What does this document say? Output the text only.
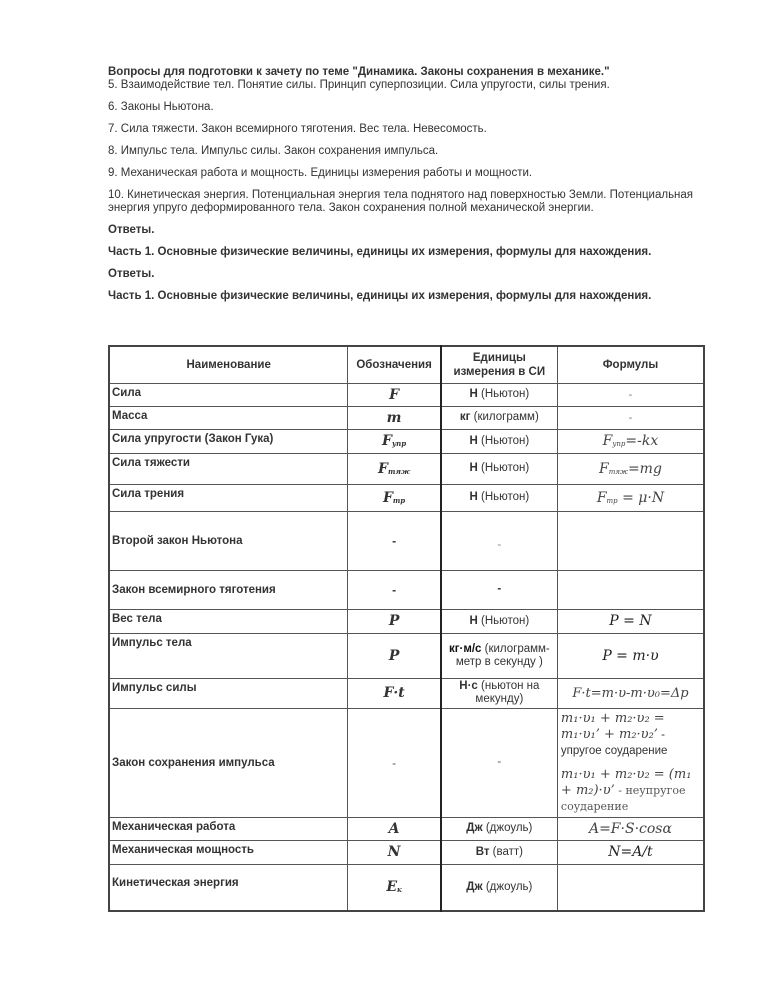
Вопросы для подготовки к зачету по теме "Динамика. Законы сохранения в механике."

5. Взаимодействие тел. Понятие силы. Принцип суперпозиции. Сила упругости, силы трения.

6. Законы Ньютона.

7. Сила тяжести. Закон всемирного тяготения. Вес тела. Невесомость.

8. Импульс тела. Импульс силы. Закон сохранения импульса.

9. Механическая работа и мощность. Единицы измерения работы и мощности.

10. Кинетическая энергия. Потенциальная энергия тела поднятого над поверхностью Земли. Потенциальная энергия упруго деформированного тела. Закон сохранения полной механической энергии.

Ответы.

Часть 1. Основные физические величины, единицы их измерения, формулы для нахождения.

Ответы.

Часть 1. Основные физические величины, единицы их измерения, формулы для нахождения.

Наименование	Обозначения	Единицы измерения в СИ	Формулы
Сила	F	Н (Ньютон)	-
Масса	m	кг (килограмм)	-
Сила упругости (Закон Гука)	$F_{упр}$	Н (Ньютон)	$F_{упр}=-kx$
Сила тяжести	$F_{тяж}$	Н (Ньютон)	$F_{тяж}=mg$
Сила трения	$F_{тр}$	Н (Ньютон)	$F_{тр} = \mu\cdot N$
Второй закон Ньютона	-	-	
Закон всемирного тяготения	-	-	
Вес тела	P	Н (Ньютон)	P = N
Импульс тела	P	кг·м/с (килограмм-метр в секунду )	P = m·υ
Импульс силы	F·t	Н·с (ньютон на мекунду)	F·t=m·υ-m·υ₀=Δp
Закон сохранения импульса	-	-	m₁·υ₁ + m₂·υ₂ = m₁·υ₁’ + m₂·υ₂’ - упругое соударение
m₁·υ₁ + m₂·υ₂ = (m₁ + m₂)·υ’ - неупругое соударение

Механическая работа	A	Дж (джоуль)	A=F·S·cosα
Механическая мощность	N	Вт (ватт)	N=A/t
Кинетическая энергия	$E_к$	Дж (джоуль)	
